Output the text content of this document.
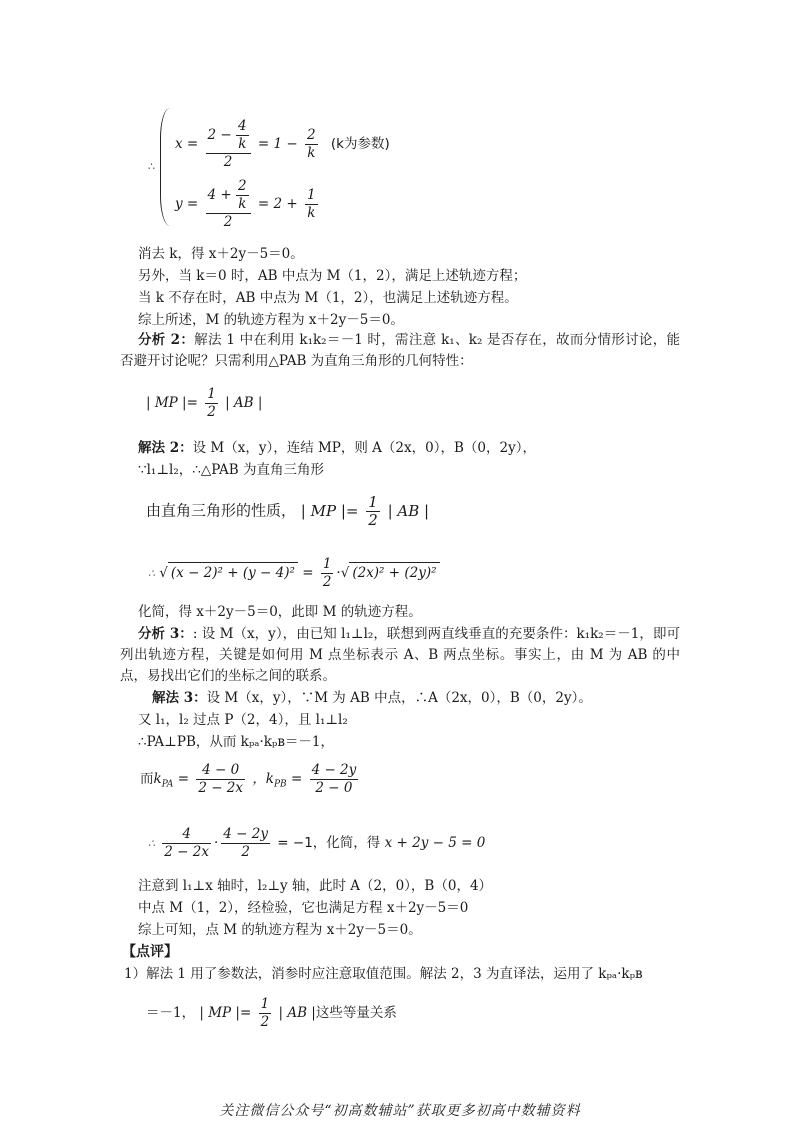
∴
$x = \frac{2 - \frac{4}{k}}{2} = 1 - \frac{2}{k} (k$为参数)
$y = \frac{4 + \frac{2}{k}}{2} = 2 + \frac{1}{k}$
消去 k，得 x＋2y－5＝0。
另外，当 k＝0 时，AB 中点为 M（1，2），满足上述轨迹方程；
当 k 不存在时，AB 中点为 M（1，2），也满足上述轨迹方程。
综上所述，M 的轨迹方程为 x＋2y－5＝0。
分析 2：解法 1 中在利用 k₁k₂＝－1 时，需注意 k₁、k₂ 是否存在，故而分情形讨论，能否避开讨论呢？只需利用△PAB 为直角三角形的几何特性：
| MP |= $\frac{1}{2}$ | AB |
解法 2：设 M（x，y），连结 MP，则 A（2x，0），B（0，2y），
∵l₁⊥l₂，∴△PAB 为直角三角形
由直角三角形的性质， | MP |= $\frac{1}{2}$ | AB |
∴ √ $(x - 2)^2 + (y - 4)^2 = \frac{1}{2}$ ·√ (2x)² + (2y)²
化简，得 x＋2y－5＝0，此即 M 的轨迹方程。
分析 3：: 设 M（x，y），由已知 l₁⊥l₂，联想到两直线垂直的充要条件：k₁k₂＝－1，即可列出轨迹方程，关键是如何用 M 点坐标表示 A、B 两点坐标。事实上，由 M 为 AB 的中点，易找出它们的坐标之间的联系。
解法 3：设 M（x，y），∵M 为 AB 中点，∴A（2x，0），B（0，2y）。
又 l₁，l₂ 过点 P（2，4），且 l₁⊥l₂
∴PA⊥PB，从而 kₚₐ·kₚʙ＝－1，
而$k_{PA} = \frac{4 - 0}{2 - 2x}$ ，$k_{PB} = \frac{4 - 2y}{2 - 0}$
∴ $\frac{4}{2 - 2x} \cdot \frac{4 - 2y}{2} = -1$，化简，得 x + 2y − 5 = 0
注意到 l₁⊥x 轴时，l₂⊥y 轴，此时 A（2，0），B（0，4）
中点 M（1，2），经检验，它也满足方程 x＋2y－5＝0
综上可知，点 M 的轨迹方程为 x＋2y－5＝0。
【点评】
1）解法 1 用了参数法，消参时应注意取值范围。解法 2，3 为直译法，运用了 kₚₐ·kₚʙ
＝－1， | MP |= $\frac{1}{2}$ | AB |这些等量关系
关注微信公众号“初高数辅站”获取更多初高中数辅资料
